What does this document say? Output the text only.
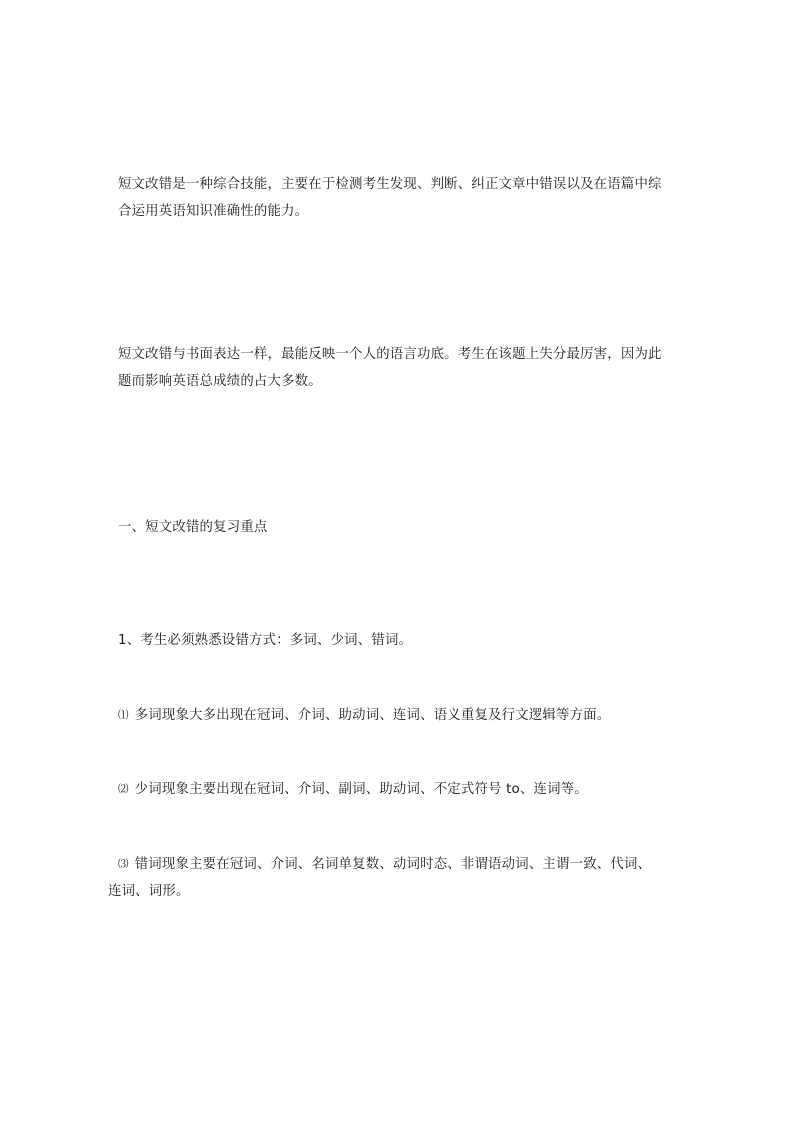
短文改错是一种综合技能，主要在于检测考生发现、判断、纠正文章中错误以及在语篇中综
合运用英语知识准确性的能力。

短文改错与书面表达一样，最能反映一个人的语言功底。考生在该题上失分最厉害，因为此
题而影响英语总成绩的占大多数。

一、短文改错的复习重点

1、考生必须熟悉设错方式：多词、少词、错词。

⑴ 多词现象大多出现在冠词、介词、助动词、连词、语义重复及行文逻辑等方面。

⑵ 少词现象主要出现在冠词、介词、副词、助动词、不定式符号 to、连词等。

⑶ 错词现象主要在冠词、介词、名词单复数、动词时态、非谓语动词、主谓一致、代词、
连词、词形。
